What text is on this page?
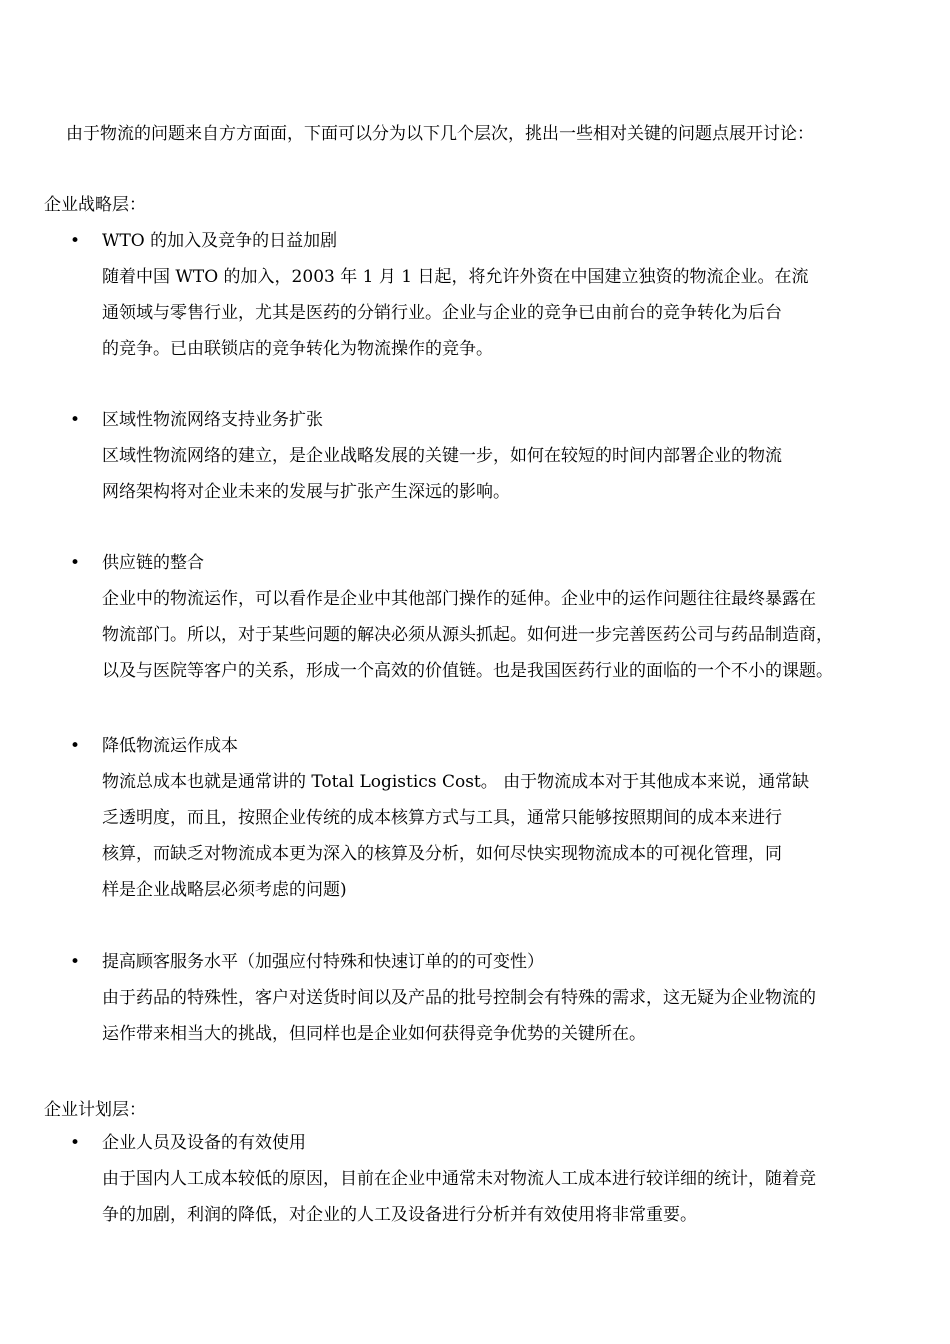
由于物流的问题来自方方面面，下面可以分为以下几个层次，挑出一些相对关键的问题点展开讨论：
企业战略层：
• WTO 的加入及竞争的日益加剧
随着中国 WTO 的加入，2003 年 1 月 1 日起，将允许外资在中国建立独资的物流企业。在流
通领域与零售行业，尤其是医药的分销行业。企业与企业的竞争已由前台的竞争转化为后台
的竞争。已由联锁店的竞争转化为物流操作的竞争。
• 区域性物流网络支持业务扩张
区域性物流网络的建立，是企业战略发展的关键一步，如何在较短的时间内部署企业的物流
网络架构将对企业未来的发展与扩张产生深远的影响。
• 供应链的整合
企业中的物流运作，可以看作是企业中其他部门操作的延伸。企业中的运作问题往往最终暴露在
物流部门。所以，对于某些问题的解决必须从源头抓起。如何进一步完善医药公司与药品制造商，
以及与医院等客户的关系，形成一个高效的价值链。也是我国医药行业的面临的一个不小的课题。
• 降低物流运作成本
物流总成本也就是通常讲的 Total Logistics Cost。 由于物流成本对于其他成本来说，通常缺
乏透明度，而且，按照企业传统的成本核算方式与工具，通常只能够按照期间的成本来进行
核算，而缺乏对物流成本更为深入的核算及分析，如何尽快实现物流成本的可视化管理，同
样是企业战略层必须考虑的问题)
• 提高顾客服务水平（加强应付特殊和快速订单的的可变性）
由于药品的特殊性，客户对送货时间以及产品的批号控制会有特殊的需求，这无疑为企业物流的
运作带来相当大的挑战，但同样也是企业如何获得竞争优势的关键所在。
企业计划层：
• 企业人员及设备的有效使用
由于国内人工成本较低的原因，目前在企业中通常未对物流人工成本进行较详细的统计，随着竞
争的加剧，利润的降低，对企业的人工及设备进行分析并有效使用将非常重要。
